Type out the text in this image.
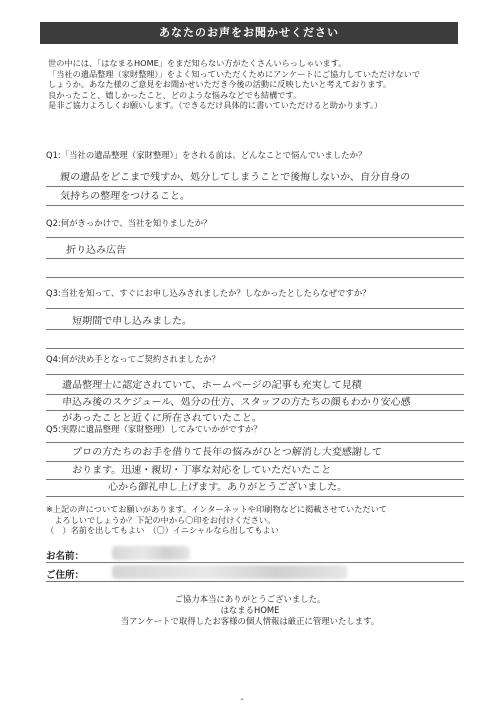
あなたのお声をお聞かせください
世の中には、「はなまるHOME」をまだ知らない方がたくさんいらっしゃいます。
「当社の遺品整理（家財整理）」をよく知っていただくためにアンケートにご協力していただけないで
しょうか。あなた様のご意見をお聞かせいただき今後の活動に反映したいと考えております。
良かったこと、嬉しかったこと、どのような悩みなどでも結構です。
是非ご協力よろしくお願いします。（できるだけ具体的に書いていただけると助かります。）
Q1:「当社の遺品整理（家財整理）」をされる前は、どんなことで悩んでいましたか？
親の遺品をどこまで残すか、処分してしまうことで後悔しないか、自分自身の
気持ちの整理をつけること。
Q2:何がきっかけで、当社を知りましたか？
折り込み広告
Q3:当社を知って、すぐにお申し込みされましたか？しなかったとしたらなぜですか？
短期間で申し込みました。
Q4:何が決め手となってご契約されましたか？
遺品整理士に認定されていて、ホームページの記事も充実して見積
申込み後のスケジュール、処分の仕方、スタッフの方たちの顔もわかり安心感
があったことと近くに所在されていたこと。
Q5:実際に遺品整理（家財整理）してみていかがですか？
プロの方たちのお手を借りて長年の悩みがひとつ解消し大変感謝して
おります。迅速・親切・丁寧な対応をしていただいたこと
心から御礼申し上げます。ありがとうございました。
※上記の声についてお願いがあります。インターネットや印刷物などに掲載させていただいて
　よろしいでしょうか？下記の中から〇印をお付けください。
（　）名前を出してもよい　（〇）イニシャルなら出してもよい
お名前：
ご住所：
ご協力本当にありがとうございました。
はなまるHOME
当アンケートで取得したお客様の個人情報は厳正に管理いたします。
・
